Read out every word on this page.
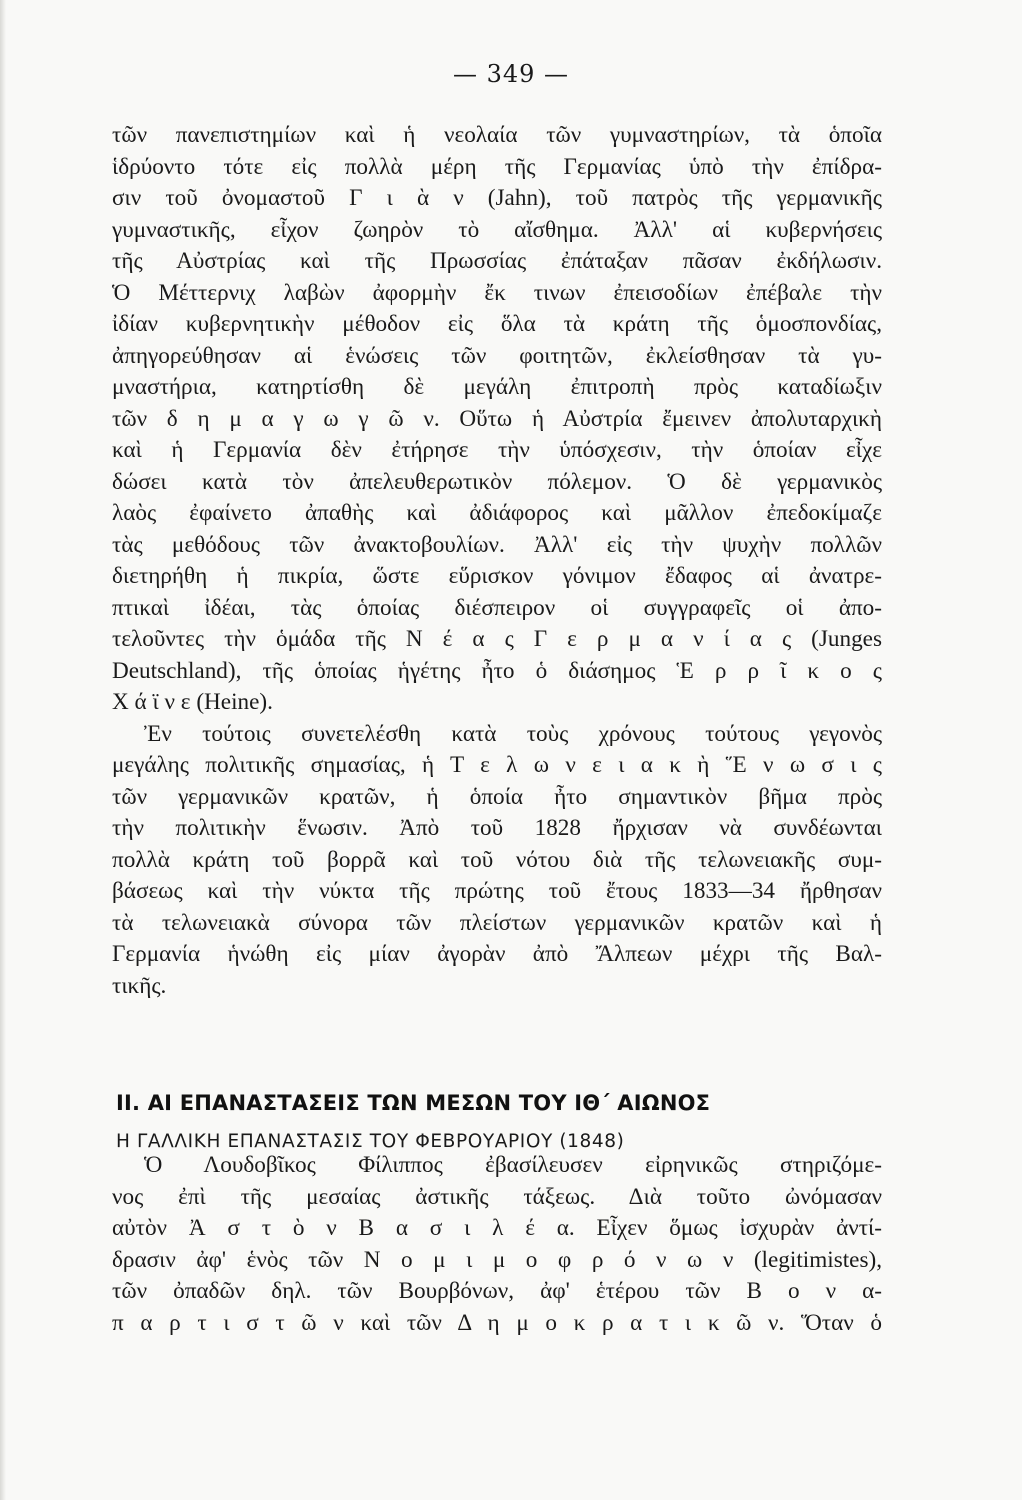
— 349 —
τῶν πανεπιστημίων καὶ ἡ νεολαία τῶν γυμναστηρίων, τὰ ὁποῖα
ἱδρύοντο τότε εἰς πολλὰ μέρη τῆς Γερμανίας ὑπὸ τὴν ἐπίδρα-
σιν τοῦ ὀνομαστοῦ Γ ι ὰ ν (Jahn), τοῦ πατρὸς τῆς γερμανικῆς
γυμναστικῆς, εἶχον ζωηρὸν τὸ αἴσθημα. Ἀλλ' αἱ κυβερνήσεις
τῆς Αὐστρίας καὶ τῆς Πρωσσίας ἐπάταξαν πᾶσαν ἐκδήλωσιν.
Ὁ Μέττερνιχ λαβὼν ἀφορμὴν ἔκ τινων ἐπεισοδίων ἐπέβαλε τὴν
ἰδίαν κυβερνητικὴν μέθοδον εἰς ὅλα τὰ κράτη τῆς ὁμοσπονδίας,
ἀπηγορεύθησαν αἱ ἑνώσεις τῶν φοιτητῶν, ἐκλείσθησαν τὰ γυ-
μναστήρια, κατηρτίσθη δὲ μεγάλη ἐπιτροπὴ πρὸς καταδίωξιν
τῶν δ η μ α γ ω γ ῶ ν. Οὕτω ἡ Αὐστρία ἔμεινεν ἀπολυταρχικὴ
καὶ ἡ Γερμανία δὲν ἐτήρησε τὴν ὑπόσχεσιν, τὴν ὁποίαν εἶχε
δώσει κατὰ τὸν ἀπελευθερωτικὸν πόλεμον. Ὁ δὲ γερμανικὸς
λαὸς ἐφαίνετο ἀπαθὴς καὶ ἀδιάφορος καὶ μᾶλλον ἐπεδοκίμαζε
τὰς μεθόδους τῶν ἀνακτοβουλίων. Ἀλλ' εἰς τὴν ψυχὴν πολλῶν
διετηρήθη ἡ πικρία, ὥστε εὕρισκον γόνιμον ἔδαφος αἱ ἀνατρε-
πτικαὶ ἰδέαι, τὰς ὁποίας διέσπειρον οἱ συγγραφεῖς οἱ ἀπο-
τελοῦντες τὴν ὁμάδα τῆς Ν έ α ς Γ ε ρ μ α ν ί α ς (Junges
Deutschland), τῆς ὁποίας ἡγέτης ἦτο ὁ διάσημος Ἑ ρ ρ ῖ κ ο ς
Χ ά ϊ ν ε (Heine).
Ἐν τούτοις συνετελέσθη κατὰ τοὺς χρόνους τούτους γεγονὸς
μεγάλης πολιτικῆς σημασίας, ἡ Τ ε λ ω ν ε ι α κ ὴ Ἕ ν ω σ ι ς
τῶν γερμανικῶν κρατῶν, ἡ ὁποία ἦτο σημαντικὸν βῆμα πρὸς
τὴν πολιτικὴν ἕνωσιν. Ἀπὸ τοῦ 1828 ἤρχισαν νὰ συνδέωνται
πολλὰ κράτη τοῦ βορρᾶ καὶ τοῦ νότου διὰ τῆς τελωνειακῆς συμ-
βάσεως καὶ τὴν νύκτα τῆς πρώτης τοῦ ἔτους 1833—34 ἤρθησαν
τὰ τελωνειακὰ σύνορα τῶν πλείστων γερμανικῶν κρατῶν καὶ ἡ
Γερμανία ἡνώθη εἰς μίαν ἀγορὰν ἀπὸ Ἄλπεων μέχρι τῆς Βαλ-
τικῆς.
II. ΑΙ ΕΠΑΝΑΣΤΑΣΕΙΣ ΤΩΝ ΜΕΣΩΝ ΤΟΥ ΙΘ΄ ΑΙΩΝΟΣ
Η ΓΑΛΛΙΚΗ ΕΠΑΝΑΣΤΑΣΙΣ ΤΟΥ ΦΕΒΡΟΥΑΡΙΟΥ (1848)
Ὁ Λουδοβῖκος Φίλιππος ἐβασίλευσεν εἰρηνικῶς στηριζόμε-
νος ἐπὶ τῆς μεσαίας ἀστικῆς τάξεως. Διὰ τοῦτο ὠνόμασαν
αὐτὸν Ἀ σ τ ὸ ν Β α σ ι λ έ α. Εἶχεν ὅμως ἰσχυρὰν ἀντί-
δρασιν ἀφ' ἑνὸς τῶν Ν ο μ ι μ ο φ ρ ό ν ω ν (legitimistes),
τῶν ὀπαδῶν δηλ. τῶν Βουρβόνων, ἀφ' ἑτέρου τῶν Β ο ν α-
π α ρ τ ι σ τ ῶ ν καὶ τῶν Δ η μ ο κ ρ α τ ι κ ῶ ν. Ὅταν ὁ
